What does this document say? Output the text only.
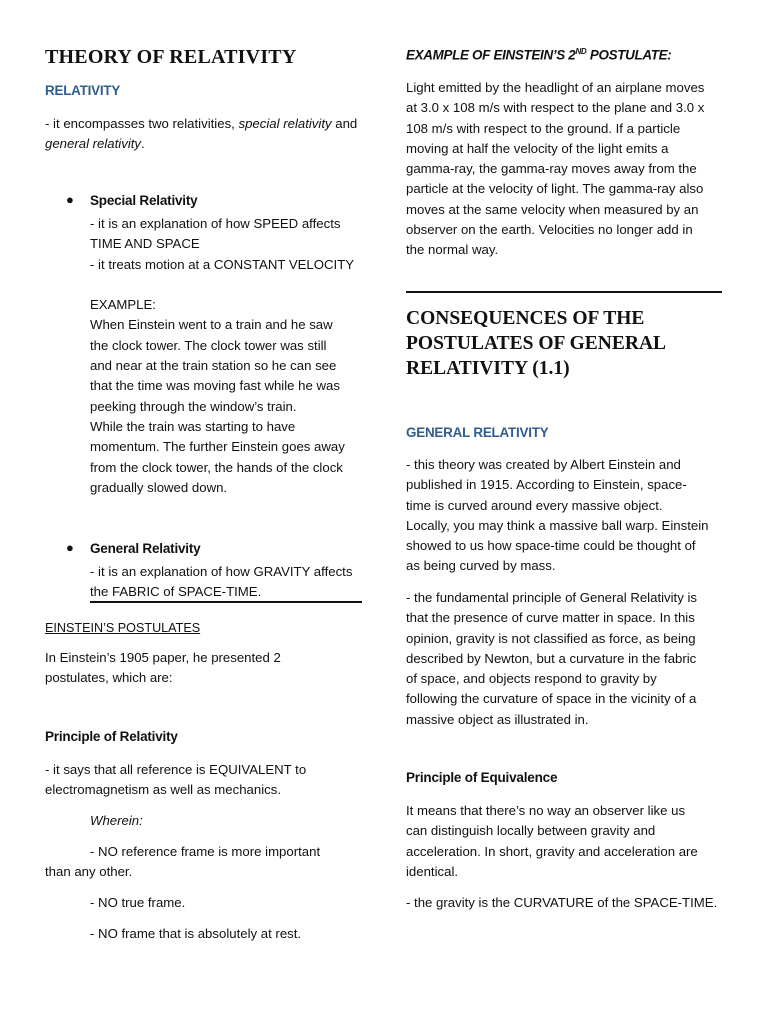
THEORY OF RELATIVITY
RELATIVITY

- it encompasses two relativities, special relativity and
general relativity.

● Special Relativity

- it is an explanation of how SPEED affects

TIME AND SPACE

- it treats motion at a CONSTANT VELOCITY

EXAMPLE:

When Einstein went to a train and he saw

the clock tower. The clock tower was still

and near at the train station so he can see

that the time was moving fast while he was

peeking through the window’s train.

While the train was starting to have

momentum. The further Einstein goes away

from the clock tower, the hands of the clock

gradually slowed down.

● General Relativity

- it is an explanation of how GRAVITY affects

the FABRIC of SPACE-TIME.

EINSTEIN’S POSTULATES

In Einstein’s 1905 paper, he presented 2

postulates, which are:

Principle of Relativity

- it says that all reference is EQUIVALENT to

electromagnetism as well as mechanics.

Wherein:

- NO reference frame is more important

than any other.

- NO true frame.

- NO frame that is absolutely at rest.

EXAMPLE OF EINSTEIN’S 2ND POSTULATE:

Light emitted by the headlight of an airplane moves

at 3.0 x 108 m/s with respect to the plane and 3.0 x

108 m/s with respect to the ground. If a particle

moving at half the velocity of the light emits a

gamma-ray, the gamma-ray moves away from the

particle at the velocity of light. The gamma-ray also

moves at the same velocity when measured by an

observer on the earth. Velocities no longer add in

the normal way.

CONSEQUENCES OF THE
POSTULATES OF GENERAL
RELATIVITY (1.1)
GENERAL RELATIVITY

- this theory was created by Albert Einstein and

published in 1915. According to Einstein, space-

time is curved around every massive object.

Locally, you may think a massive ball warp. Einstein

showed to us how space-time could be thought of

as being curved by mass.

- the fundamental principle of General Relativity is

that the presence of curve matter in space. In this

opinion, gravity is not classified as force, as being

described by Newton, but a curvature in the fabric

of space, and objects respond to gravity by

following the curvature of space in the vicinity of a

massive object as illustrated in.

Principle of Equivalence

It means that there’s no way an observer like us

can distinguish locally between gravity and

acceleration. In short, gravity and acceleration are

identical.

- the gravity is the CURVATURE of the SPACE-TIME.
